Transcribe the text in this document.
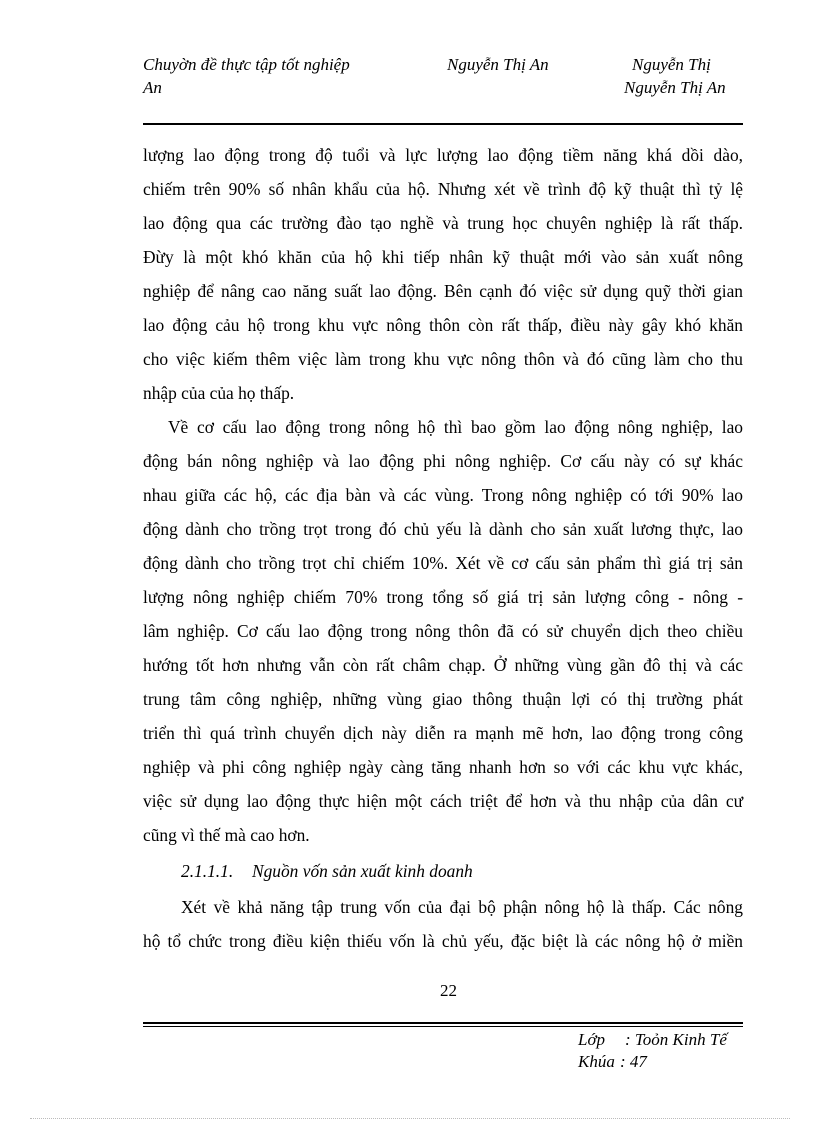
Chuyờn đề thực tập tốt nghiệp
An
Nguyễn Thị An	Nguyễn Thị
Nguyễn Thị An
lượng lao động trong độ tuổi và lực lượng lao động tiềm năng khá dồi dào,
chiếm trên 90% số nhân khẩu của hộ. Nhưng xét về trình độ kỹ thuật thì tỷ lệ
lao động qua các trường đào tạo nghề và trung học chuyên nghiệp là rất thấp.
Đừy là một khó khăn của hộ khi tiếp nhân kỹ thuật mới vào sản xuất nông
nghiệp để nâng cao năng suất lao động. Bên cạnh đó việc sử dụng quỹ thời gian
lao động cảu hộ trong khu vực nông thôn còn rất thấp, điều này gây khó khăn
cho việc kiếm thêm việc làm trong khu vực nông thôn và đó cũng làm cho thu
nhập của của họ thấp.
Về cơ cấu lao động trong nông hộ thì bao gồm lao động nông nghiệp, lao
động bán nông nghiệp và lao động phi nông nghiệp. Cơ cấu này có sự khác
nhau giữa các hộ, các địa bàn và các vùng. Trong nông nghiệp có tới 90% lao
động dành cho trồng trọt trong đó chủ yếu là dành cho sản xuất lương thực, lao
động dành cho trồng trọt chỉ chiếm 10%. Xét về cơ cấu sản phẩm thì giá trị sản
lượng nông nghiệp chiếm 70% trong tổng số giá trị sản lượng công - nông -
lâm nghiệp. Cơ cấu lao động trong nông thôn đã có sử chuyển dịch theo chiều
hướng tốt hơn nhưng vẫn còn rất châm chạp. Ở những vùng gần đô thị và các
trung tâm công nghiệp, những vùng giao thông thuận lợi có thị trường phát
triển thì quá trình chuyển dịch này diễn ra mạnh mẽ hơn, lao động trong công
nghiệp và phi công nghiệp ngày càng tăng nhanh hơn so với các khu vực khác,
việc sử dụng lao động thực hiện một cách triệt để hơn và thu nhập của dân cư
cũng vì thế mà cao hơn.
2.1.1.1. Nguồn vốn sản xuất kinh doanh
Xét về khả năng tập trung vốn của đại bộ phận nông hộ là thấp. Các nông
hộ tổ chức trong điều kiện thiếu vốn là chủ yếu, đặc biệt là các nông hộ ở miền
22
Lớp : Toỏn Kinh Tế
Khúa : 47
